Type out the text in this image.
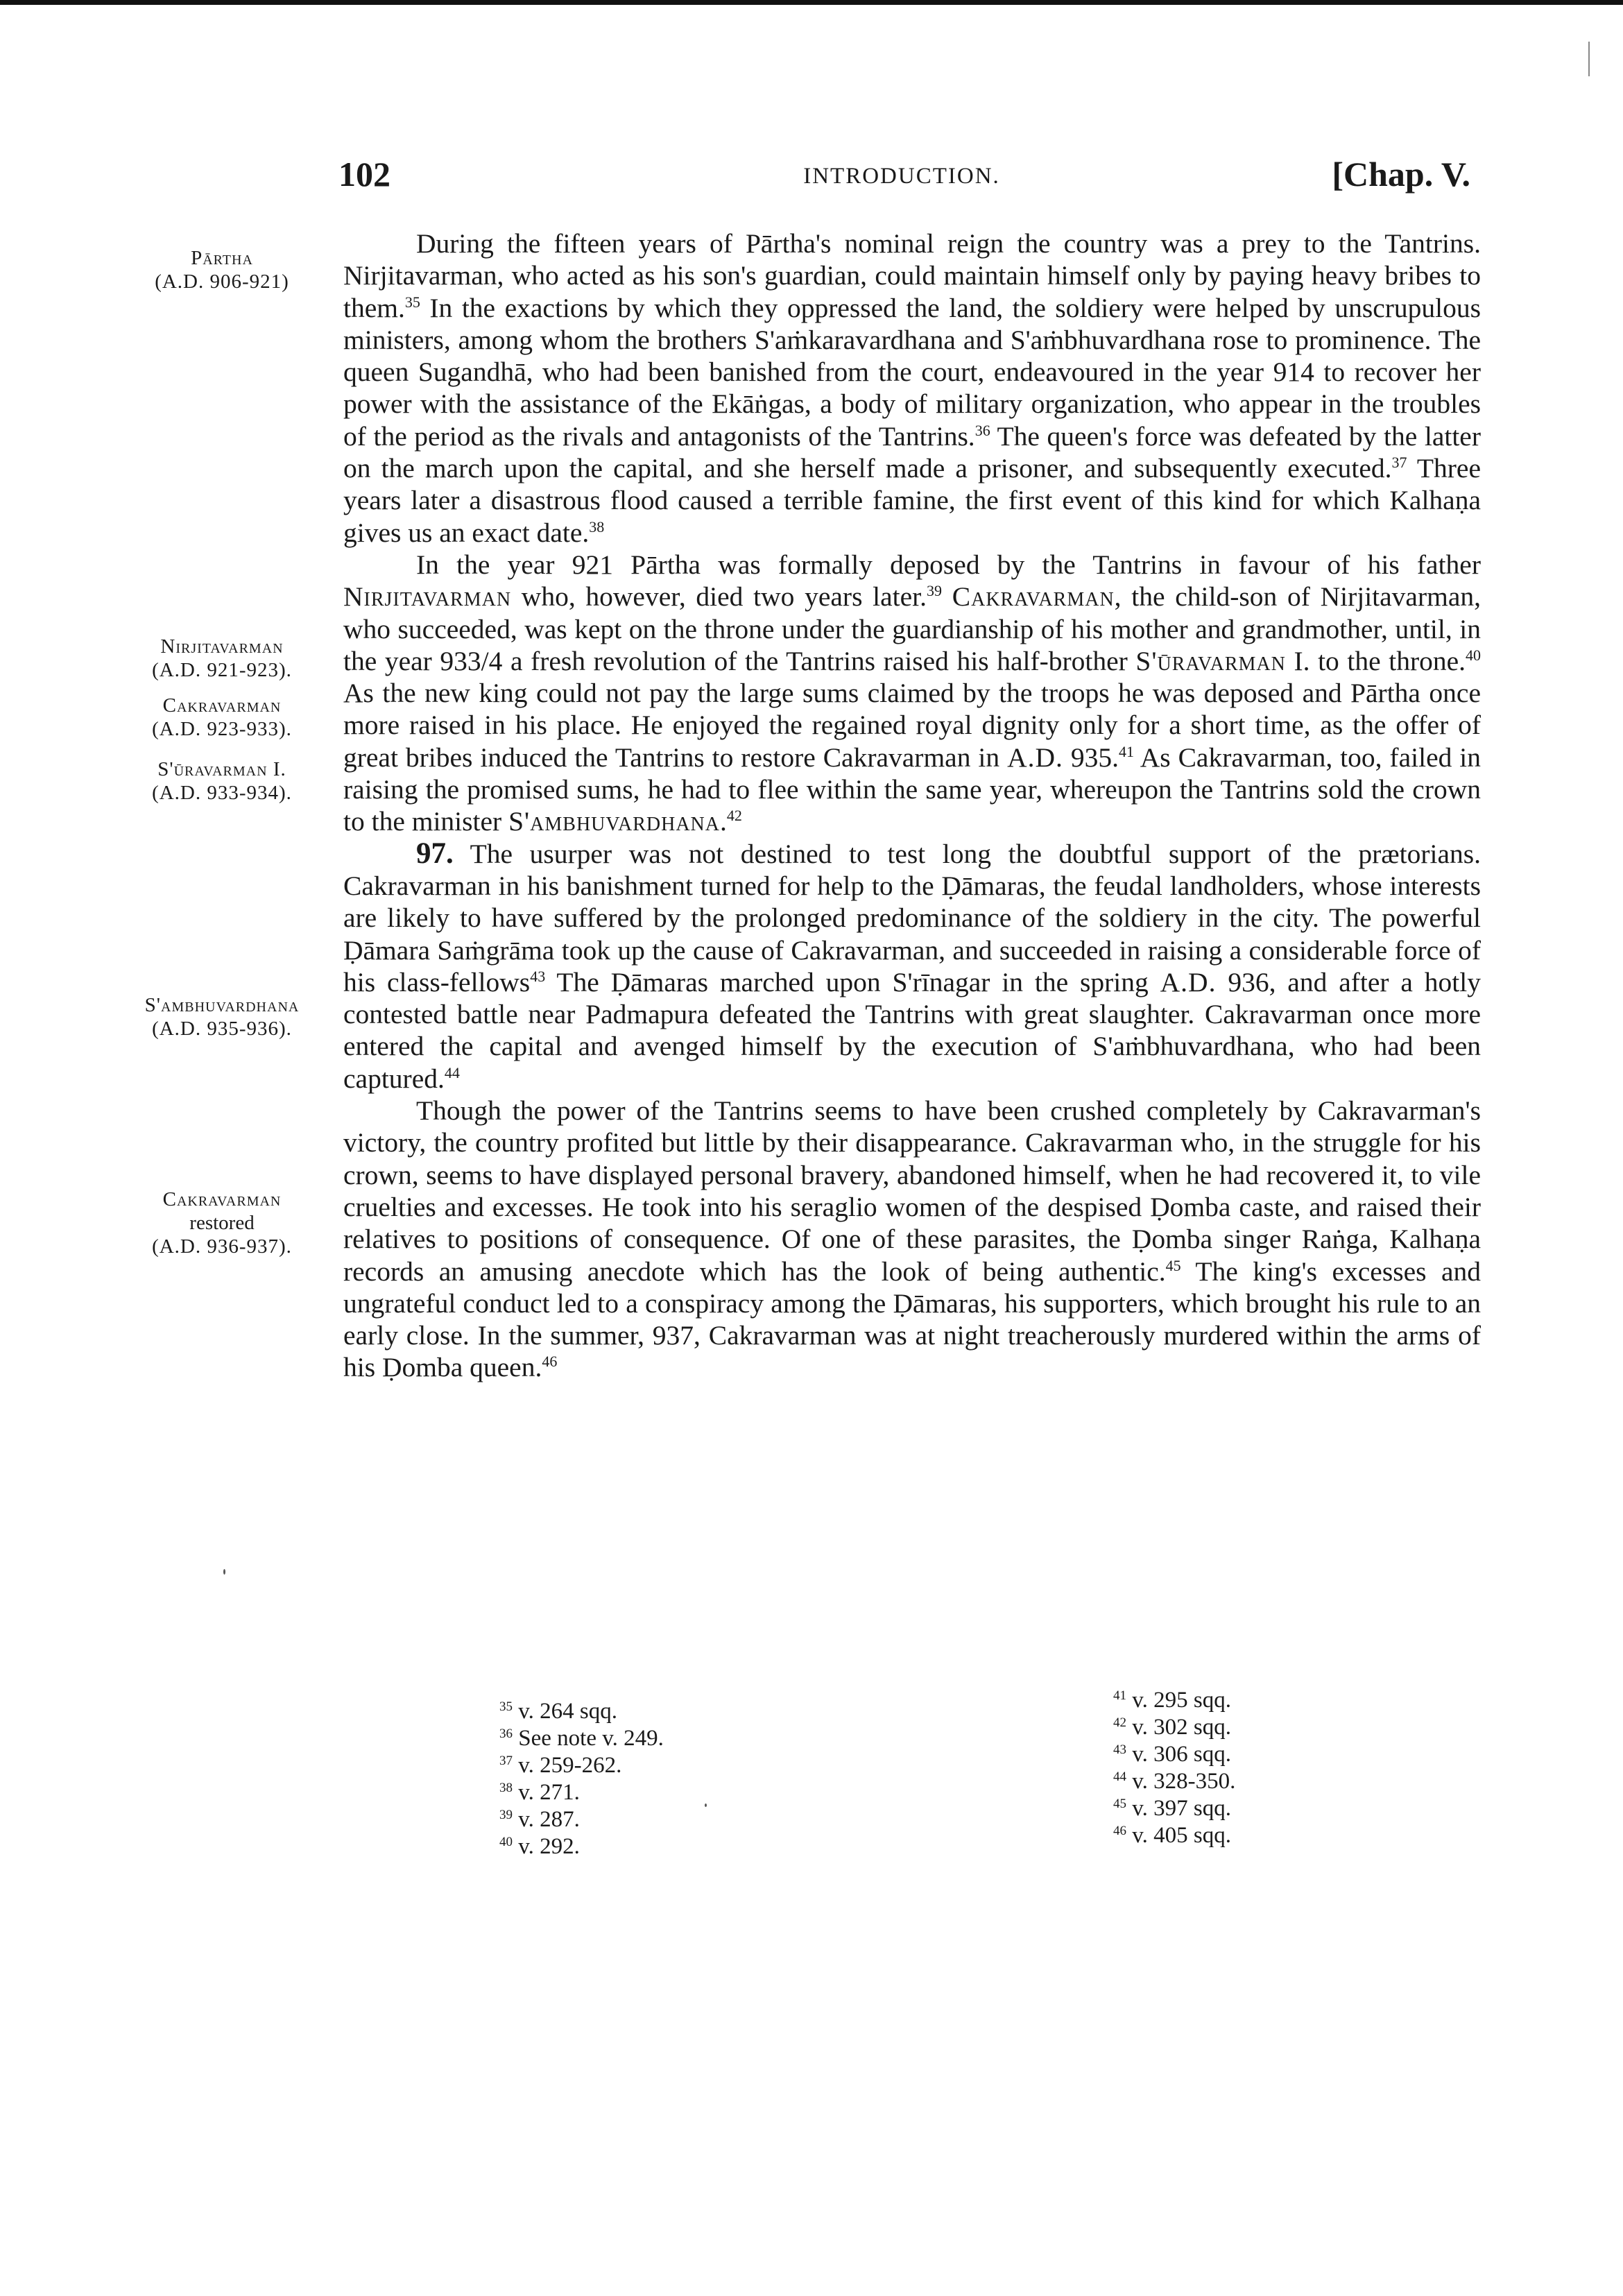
102	INTRODUCTION.	[Chap. V.
Pārtha
(A.D. 906-921)
Nirjitavarman
(A.D. 921-923).
Cakravarman
(A.D. 923-933).
S'ūravarman I.
(A.D. 933-934).
S'ambhuvardhana
(A.D. 935-936).
Cakravarman
restored
(A.D. 936-937).

During the fifteen years of Pārtha's nominal reign the country was a prey to the Tantrins. Nirjitavarman, who acted as his son's guardian, could maintain himself only by paying heavy bribes to them.$^{35}$ In the exactions by which they oppressed the land, the soldiery were helped by unscrupulous ministers, among whom the brothers S'aṁkaravardhana and S'aṁbhuvardhana rose to prominence. The queen Sugandhā, who had been banished from the court, endeavoured in the year 914 to recover her power with the assistance of the Ekāṅgas, a body of military organization, who appear in the troubles of the period as the rivals and antagonists of the Tantrins.$^{36}$ The queen's force was defeated by the latter on the march upon the capital, and she herself made a prisoner, and subsequently executed.$^{37}$ Three years later a disastrous flood caused a terrible famine, the first event of this kind for which Kalhaṇa gives us an exact date.$^{38}$

In the year 921 Pārtha was formally deposed by the Tantrins in favour of his father Nirjitavarman who, however, died two years later.$^{39}$ Cakravarman, the child-son of Nirjitavarman, who succeeded, was kept on the throne under the guardianship of his mother and grandmother, until, in the year 933/4 a fresh revolution of the Tantrins raised his half-brother S'ūravarman I. to the throne.$^{40}$ As the new king could not pay the large sums claimed by the troops he was deposed and Pārtha once more raised in his place. He enjoyed the regained royal dignity only for a short time, as the offer of great bribes induced the Tantrins to restore Cakravarman in A.D. 935.41 As Cakravarman, too, failed in raising the promised sums, he had to flee within the same year, whereupon the Tantrins sold the crown to the minister S'ambhuvardhana.$^{42}$

97. The usurper was not destined to test long the doubtful support of the prætorians. Cakravarman in his banishment turned for help to the Ḍāmaras, the feudal landholders, whose interests are likely to have suffered by the prolonged predominance of the soldiery in the city. The powerful Ḍāmara Saṁgrāma took up the cause of Cakravarman, and succeeded in raising a considerable force of his class-fellows$^{43}$ The Ḍāmaras marched upon S'rīnagar in the spring A.D. 936, and after a hotly contested battle near Padmapura defeated the Tantrins with great slaughter. Cakravarman once more entered the capital and avenged himself by the execution of S'aṁbhuvardhana, who had been captured.$^{44}$

Though the power of the Tantrins seems to have been crushed completely by Cakravarman's victory, the country profited but little by their disappearance. Cakravarman who, in the struggle for his crown, seems to have displayed personal bravery, abandoned himself, when he had recovered it, to vile cruelties and excesses. He took into his seraglio women of the despised Ḍomba caste, and raised their relatives to positions of consequence. Of one of these parasites, the Ḍomba singer Raṅga, Kalhaṇa records an amusing anecdote which has the look of being authentic.$^{45}$ The king's excesses and ungrateful conduct led to a conspiracy among the Ḍāmaras, his supporters, which brought his rule to an early close. In the summer, 937, Cakravarman was at night treacherously murdered within the arms of his Ḍomba queen.$^{46}$

$^{35}$ v. 264 sqq.
$^{36}$ See note v. 249.
$^{37}$ v. 259-262.
$^{38}$ v. 271.
$^{39}$ v. 287.
$^{40}$ v. 292.
$^{41}$ v. 295 sqq.
$^{42}$ v. 302 sqq.
$^{43}$ v. 306 sqq.
$^{44}$ v. 328-350.
$^{45}$ v. 397 sqq.
$^{46}$ v. 405 sqq.
